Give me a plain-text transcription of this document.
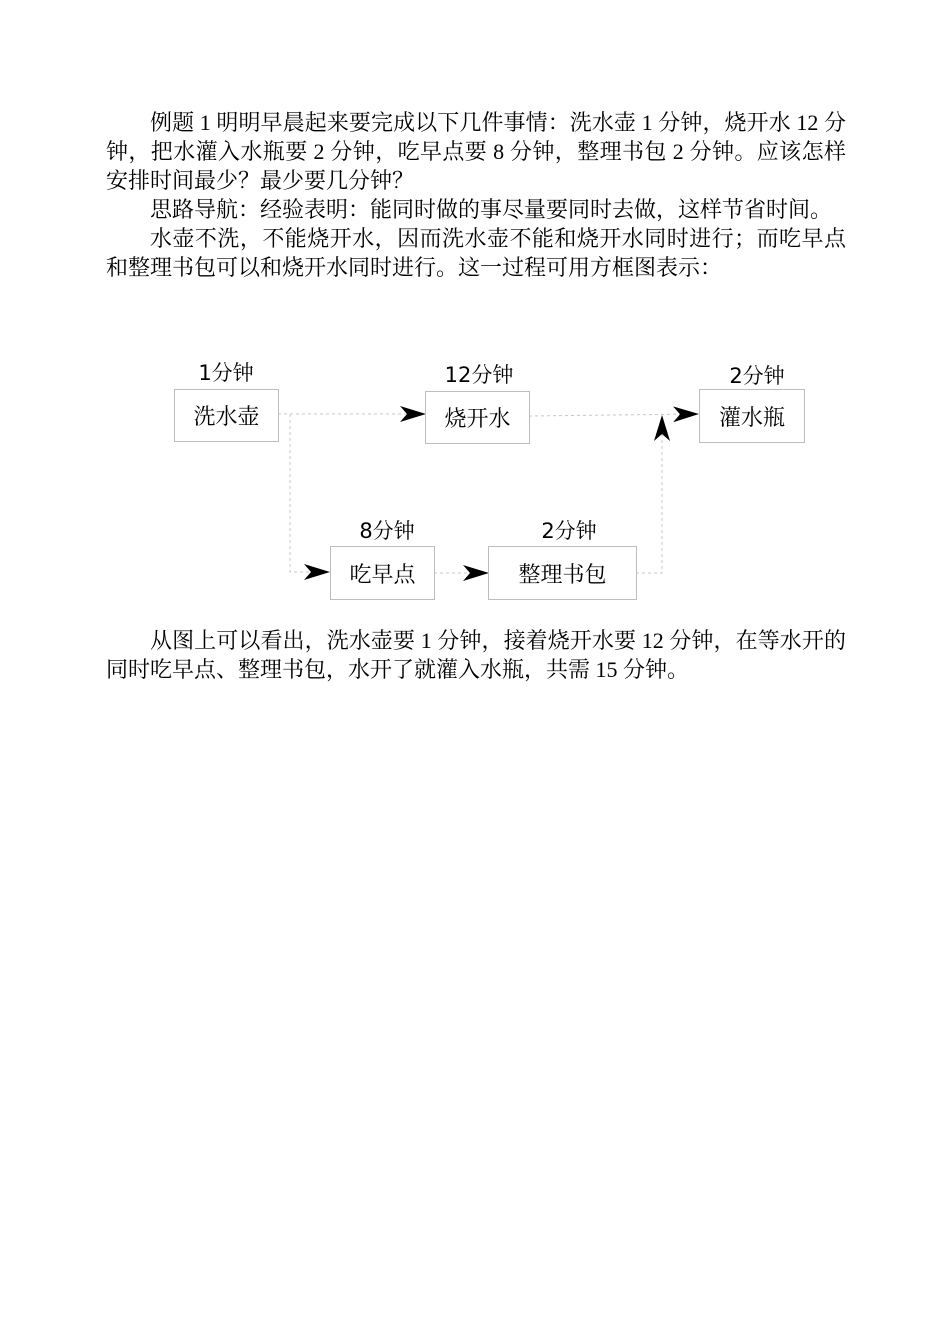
例题 1 明明早晨起来要完成以下几件事情：洗水壶 1 分钟，烧开水 12 分钟，把水灌入水瓶要 2 分钟，吃早点要 8 分钟，整理书包 2 分钟。应该怎样安排时间最少？最少要几分钟？

思路导航：经验表明：能同时做的事尽量要同时去做，这样节省时间。

水壶不洗，不能烧开水，因而洗水壶不能和烧开水同时进行；而吃早点和整理书包可以和烧开水同时进行。这一过程可用方框图表示：

1分钟
洗水壶
12分钟
烧开水
2分钟
灌水瓶
8分钟
吃早点
2分钟
整理书包

从图上可以看出，洗水壶要 1 分钟，接着烧开水要 12 分钟，在等水开的同时吃早点、整理书包，水开了就灌入水瓶，共需 15 分钟。
